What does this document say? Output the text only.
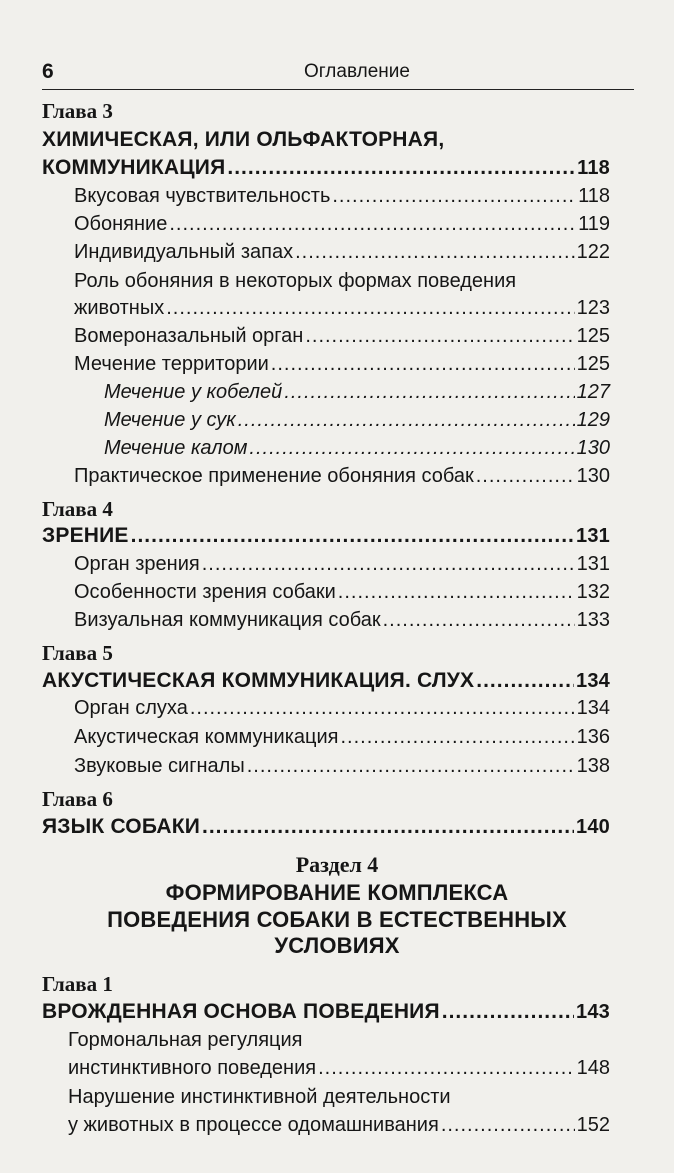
6	Оглавление
Глава 3
ХИМИЧЕСКАЯ, ИЛИ ОЛЬФАКТОРНАЯ,
КОММУНИКАЦИЯ .....	118
Вкусовая чувствительность .....	118
Обоняние .....	119
Индивидуальный запах .....	122
Роль обоняния в некоторых формах поведения
животных .....	123
Вомероназальный орган .....	125
Мечение территории .....	125
Мечение у кобелей .....	127
Мечение у сук .....	129
Мечение калом .....	130
Практическое применение обоняния собак .....	130
Глава 4
ЗРЕНИЕ .....	131
Орган зрения .....	131
Особенности зрения собаки .....	132
Визуальная коммуникация собак .....	133
Глава 5
АКУСТИЧЕСКАЯ КОММУНИКАЦИЯ. СЛУХ .....	134
Орган слуха .....	134
Акустическая коммуникация .....	136
Звуковые сигналы .....	138
Глава 6
ЯЗЫК СОБАКИ .....	140
Раздел 4
ФОРМИРОВАНИЕ КОМПЛЕКСА
ПОВЕДЕНИЯ СОБАКИ В ЕСТЕСТВЕННЫХ
УСЛОВИЯХ
Глава 1
ВРОЖДЕННАЯ ОСНОВА ПОВЕДЕНИЯ .....	143
Гормональная регуляция
инстинктивного поведения .....	148
Нарушение инстинктивной деятельности
у животных в процессе одомашнивания .....	152
